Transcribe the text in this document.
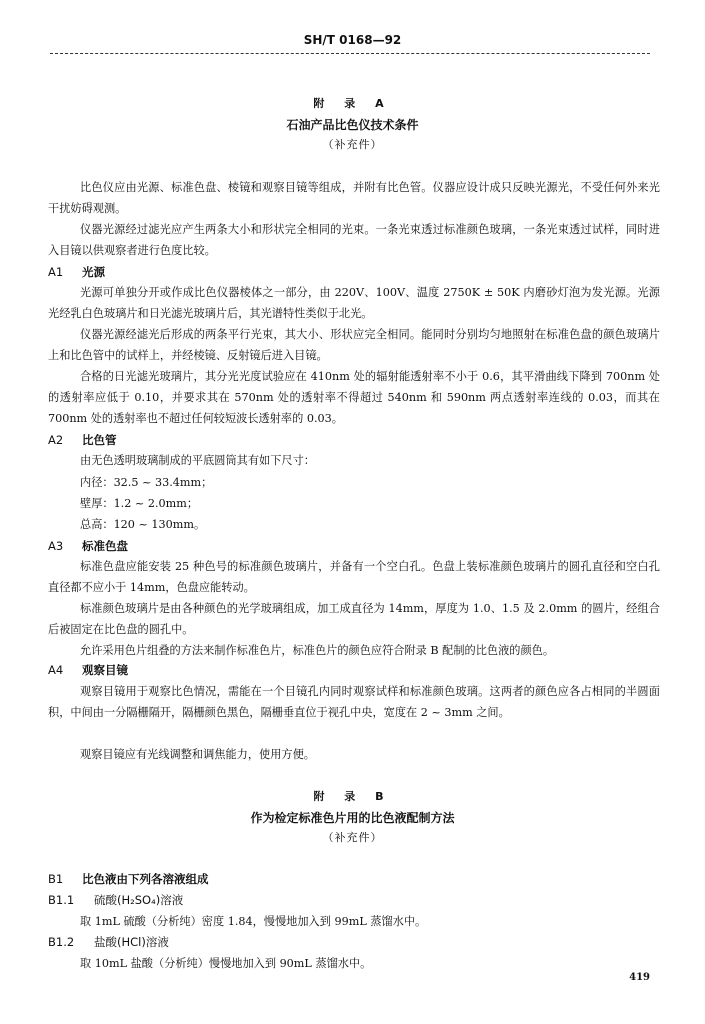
SH/T 0168—92
附 录 A
石油产品比色仪技术条件
（补充件）

比色仪应由光源、标准色盘、棱镜和观察目镜等组成，并附有比色管。仪器应设计成只反映光源光，不受任何外来光干扰妨碍观测。

仪器光源经过滤光应产生两条大小和形状完全相同的光束。一条光束透过标准颜色玻璃，一条光束透过试样，同时进入目镜以供观察者进行色度比较。

A1 光源

光源可单独分开或作成比色仪器棱体之一部分，由 220V、100V、温度 2750K ± 50K 内磨砂灯泡为发光源。光源光经乳白色玻璃片和日光滤光玻璃片后，其光谱特性类似于北光。

仪器光源经滤光后形成的两条平行光束，其大小、形状应完全相同。能同时分别均匀地照射在标准色盘的颜色玻璃片上和比色管中的试样上，并经棱镜、反射镜后进入目镜。

合格的日光滤光玻璃片，其分光光度试验应在 410nm 处的辐射能透射率不小于 0.6，其平滑曲线下降到 700nm 处的透射率应低于 0.10，并要求其在 570nm 处的透射率不得超过 540nm 和 590nm 两点透射率连线的 0.03，而其在 700nm 处的透射率也不超过任何较短波长透射率的 0.03。

A2 比色管
由无色透明玻璃制成的平底圆筒其有如下尺寸：
内径：32.5 ~ 33.4mm；
壁厚：1.2 ~ 2.0mm；
总高：120 ~ 130mm。
A3 标准色盘

标准色盘应能安装 25 种色号的标准颜色玻璃片，并备有一个空白孔。色盘上装标准颜色玻璃片的圆孔直径和空白孔直径都不应小于 14mm，色盘应能转动。

标准颜色玻璃片是由各种颜色的光学玻璃组成，加工成直径为 14mm，厚度为 1.0、1.5 及 2.0mm 的圆片，经组合后被固定在比色盘的圆孔中。

允许采用色片组叠的方法来制作标准色片，标准色片的颜色应符合附录 B 配制的比色液的颜色。

A4 观察目镜

观察目镜用于观察比色情况，需能在一个目镜孔内同时观察试样和标准颜色玻璃。这两者的颜色应各占相同的半圆面积，中间由一分隔栅隔开，隔栅颜色黑色，隔栅垂直位于视孔中央，宽度在 2 ~ 3mm 之间。

观察目镜应有光线调整和调焦能力，使用方便。

附 录 B
作为检定标准色片用的比色液配制方法
（补充件）
B1 比色液由下列各溶液组成
B1.1 硫酸(H₂SO₄)溶液
取 1mL 硫酸（分析纯）密度 1.84，慢慢地加入到 99mL 蒸馏水中。
B1.2 盐酸(HCl)溶液
取 10mL 盐酸（分析纯）慢慢地加入到 90mL 蒸馏水中。
419
